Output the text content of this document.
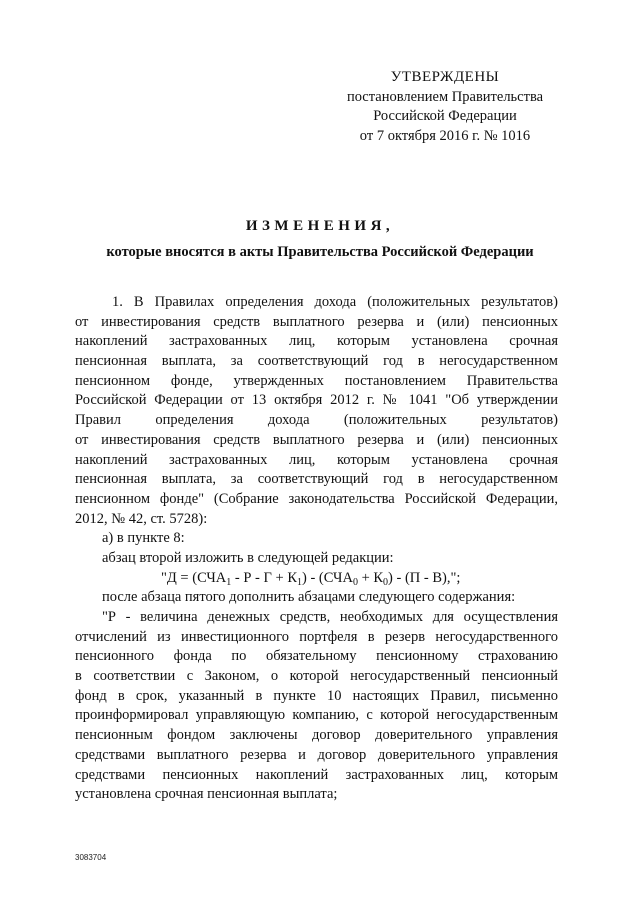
УТВЕРЖДЕНЫ
постановлением Правительства
Российской Федерации
от 7 октября 2016 г. № 1016
ИЗМЕНЕНИЯ,
которые вносятся в акты Правительства Российской Федерации
1. В Правилах определения дохода (положительных результатов)
от инвестирования средств выплатного резерва и (или) пенсионных
накоплений застрахованных лиц, которым установлена срочная
пенсионная выплата, за соответствующий год в негосударственном
пенсионном фонде, утвержденных постановлением Правительства
Российской Федерации от 13 октября 2012 г. № 1041 "Об утверждении
Правил определения дохода (положительных результатов)
от инвестирования средств выплатного резерва и (или) пенсионных
накоплений застрахованных лиц, которым установлена срочная
пенсионная выплата, за соответствующий год в негосударственном
пенсионном фонде" (Собрание законодательства Российской Федерации,
2012, № 42, ст. 5728):
а) в пункте 8:
абзац второй изложить в следующей редакции:
"$Д = (СЧА_1 - Р - Г + К_1) - (СЧА_0 + К_0) - (П - В)$,";
после абзаца пятого дополнить абзацами следующего содержания:
"Р - величина денежных средств, необходимых для осуществления
отчислений из инвестиционного портфеля в резерв негосударственного
пенсионного фонда по обязательному пенсионному страхованию
в соответствии с Законом, о которой негосударственный пенсионный
фонд в срок, указанный в пункте 10 настоящих Правил, письменно
проинформировал управляющую компанию, с которой негосударственным
пенсионным фондом заключены договор доверительного управления
средствами выплатного резерва и договор доверительного управления
средствами пенсионных накоплений застрахованных лиц, которым
установлена срочная пенсионная выплата;
3083704
